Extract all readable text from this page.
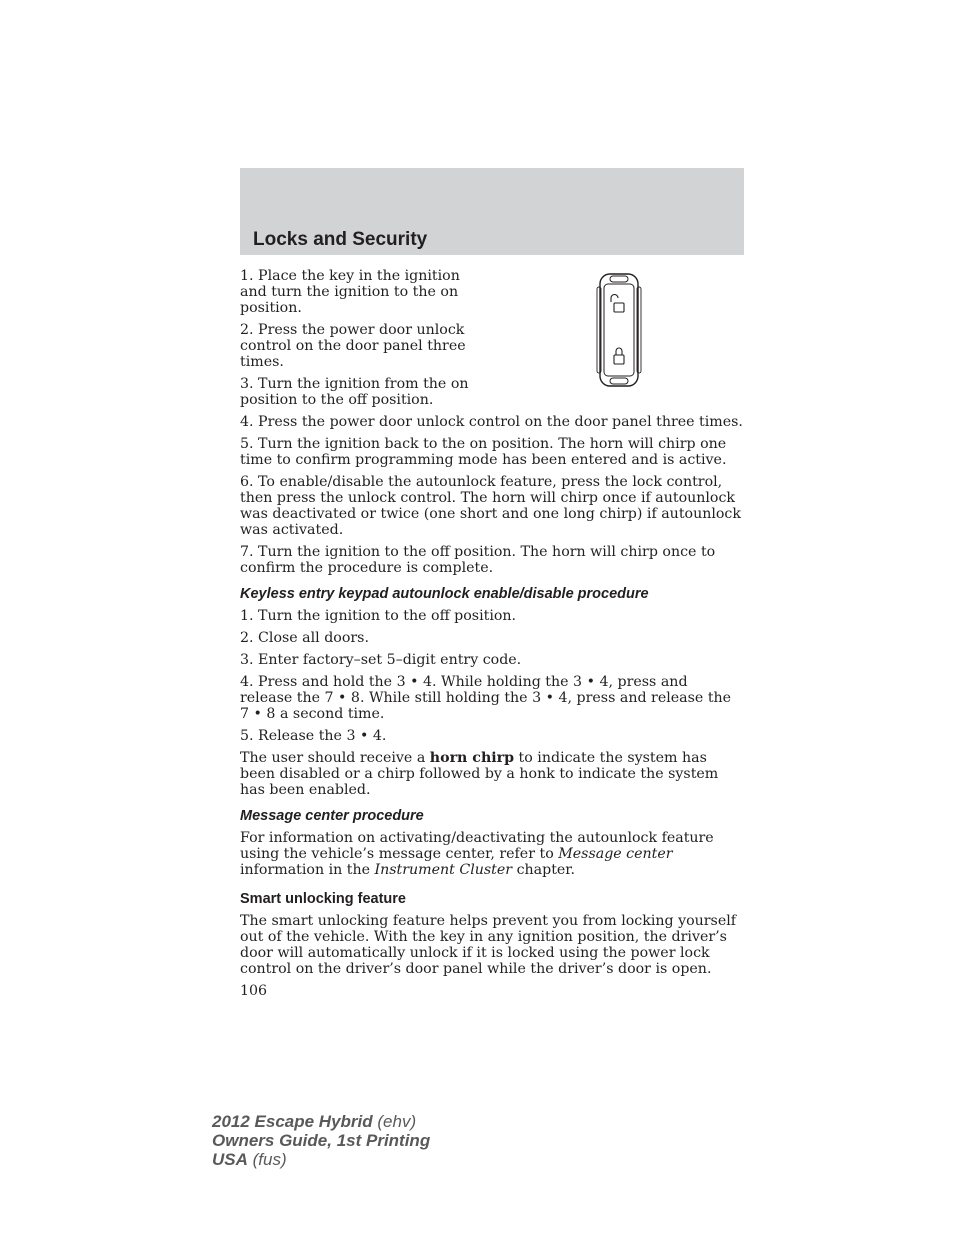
Locks and Security

1. Place the key in the ignition and turn the ignition to the on position.

2. Press the power door unlock control on the door panel three times.

3. Turn the ignition from the on position to the off position.

4. Press the power door unlock control on the door panel three times.

5. Turn the ignition back to the on position. The horn will chirp one time to confirm programming mode has been entered and is active.

6. To enable/disable the autounlock feature, press the lock control, then press the unlock control. The horn will chirp once if autounlock was deactivated or twice (one short and one long chirp) if autounlock was activated.

7. Turn the ignition to the off position. The horn will chirp once to confirm the procedure is complete.

Keyless entry keypad autounlock enable/disable procedure

1. Turn the ignition to the off position.

2. Close all doors.

3. Enter factory–set 5–digit entry code.

4. Press and hold the 3 • 4. While holding the 3 • 4, press and release the 7 • 8. While still holding the 3 • 4, press and release the 7 • 8 a second time.

5. Release the 3 • 4.

The user should receive a horn chirp to indicate the system has been disabled or a chirp followed by a honk to indicate the system has been enabled.

Message center procedure

For information on activating/deactivating the autounlock feature using the vehicle’s message center, refer to Message center information in the Instrument Cluster chapter.

Smart unlocking feature

The smart unlocking feature helps prevent you from locking yourself out of the vehicle. With the key in any ignition position, the driver’s door will automatically unlock if it is locked using the power lock control on the driver’s door panel while the driver’s door is open.

106
2012 Escape Hybrid (ehv)
Owners Guide, 1st Printing
USA (fus)
